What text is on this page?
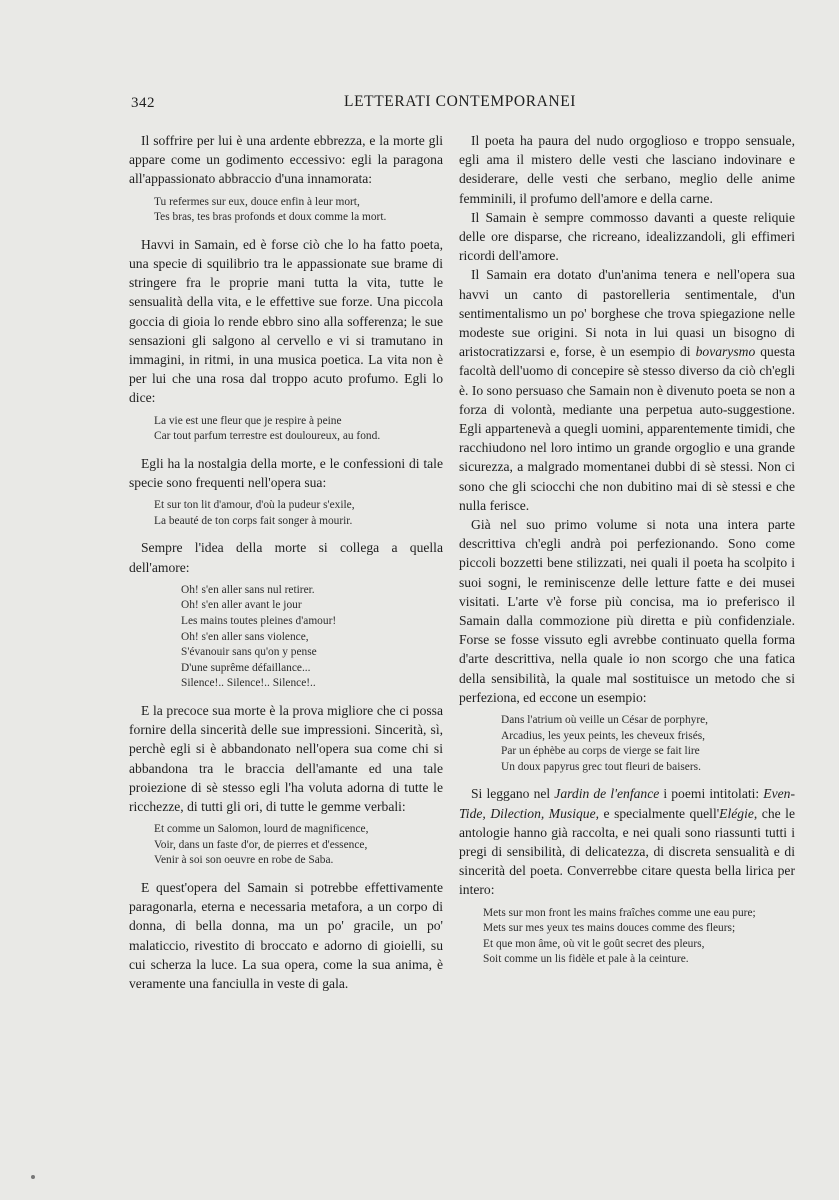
342	LETTERATI CONTEMPORANEI

Il soffrire per lui è una ardente ebbrezza, e la morte gli appare come un godimento eccessivo: egli la paragona all'appassionato abbraccio d'una innamorata:

Tu refermes sur eux, douce enfin à leur mort,
Tes bras, tes bras profonds et doux comme la mort.

Havvi in Samain, ed è forse ciò che lo ha fatto poeta, una specie di squilibrio tra le appassionate sue brame di stringere fra le proprie mani tutta la vita, tutte le sensualità della vita, e le effettive sue forze. Una piccola goccia di gioia lo rende ebbro sino alla sofferenza; le sue sensazioni gli salgono al cervello e vi si tramutano in immagini, in ritmi, in una musica poetica. La vita non è per lui che una rosa dal troppo acuto profumo. Egli lo dice:

La vie est une fleur que je respire à peine
Car tout parfum terrestre est douloureux, au fond.

Egli ha la nostalgia della morte, e le confessioni di tale specie sono frequenti nell'opera sua:

Et sur ton lit d'amour, d'où la pudeur s'exile,
La beauté de ton corps fait songer à mourir.

Sempre l'idea della morte si collega a quella dell'amore:

Oh! s'en aller sans nul retirer.
Oh! s'en aller avant le jour
Les mains toutes pleines d'amour!
Oh! s'en aller sans violence,
S'évanouir sans qu'on y pense
D'une suprême défaillance...
Silence!.. Silence!.. Silence!..

E la precoce sua morte è la prova migliore che ci possa fornire della sincerità delle sue impressioni. Sincerità, sì, perchè egli si è abbandonato nell'opera sua come chi si abbandona tra le braccia dell'amante ed una tale proiezione di sè stesso egli l'ha voluta adorna di tutte le ricchezze, di tutti gli ori, di tutte le gemme verbali:

Et comme un Salomon, lourd de magnificence,
Voir, dans un faste d'or, de pierres et d'essence,
Venir à soi son oeuvre en robe de Saba.

E quest'opera del Samain si potrebbe effettivamente paragonarla, eterna e necessaria metafora, a un corpo di donna, di bella donna, ma un po' gracile, un po' malaticcio, rivestito di broccato e adorno di gioielli, su cui scherza la luce. La sua opera, come la sua anima, è veramente una fanciulla in veste di gala.

Il poeta ha paura del nudo orgoglioso e troppo sensuale, egli ama il mistero delle vesti che lasciano indovinare e desiderare, delle vesti che serbano, meglio delle anime femminili, il profumo dell'amore e della carne.

Il Samain è sempre commosso davanti a queste reliquie delle ore disparse, che ricreano, idealizzandoli, gli effimeri ricordi dell'amore.

Il Samain era dotato d'un'anima tenera e nell'opera sua havvi un canto di pastorelleria sentimentale, d'un sentimentalismo un po' borghese che trova spiegazione nelle modeste sue origini. Si nota in lui quasi un bisogno di aristocratizzarsi e, forse, è un esempio di bovarysmo questa facoltà dell'uomo di concepire sè stesso diverso da ciò ch'egli è. Io sono persuaso che Samain non è divenuto poeta se non a forza di volontà, mediante una perpetua auto-suggestione. Egli appartenevà a quegli uomini, apparentemente timidi, che racchiudono nel loro intimo un grande orgoglio e una grande sicurezza, a malgrado momentanei dubbi di sè stessi. Non ci sono che gli sciocchi che non dubitino mai di sè stessi e che nulla ferisce.

Già nel suo primo volume si nota una intera parte descrittiva ch'egli andrà poi perfezionando. Sono come piccoli bozzetti bene stilizzati, nei quali il poeta ha scolpito i suoi sogni, le reminiscenze delle letture fatte e dei musei visitati. L'arte v'è forse più concisa, ma io preferisco il Samain dalla commozione più diretta e più confidenziale. Forse se fosse vissuto egli avrebbe continuato quella forma d'arte descrittiva, nella quale io non scorgo che una fatica della sensibilità, la quale mal sostituisce un metodo che si perfeziona, ed eccone un esempio:

Dans l'atrium où veille un César de porphyre,
Arcadius, les yeux peints, les cheveux frisés,
Par un éphèbe au corps de vierge se fait lire
Un doux papyrus grec tout fleuri de baisers.

Si leggano nel Jardin de l'enfance i poemi intitolati: Even-Tide, Dilection, Musique, e specialmente quell'Elégie, che le antologie hanno già raccolta, e nei quali sono riassunti tutti i pregi di sensibilità, di delicatezza, di discreta sensualità e di sincerità del poeta. Converrebbe citare questa bella lirica per intero:

Mets sur mon front les mains fraîches comme une eau pure;
Mets sur mes yeux tes mains douces comme des fleurs;
Et que mon âme, où vit le goût secret des pleurs,
Soit comme un lis fidèle et pale à la ceinture.
